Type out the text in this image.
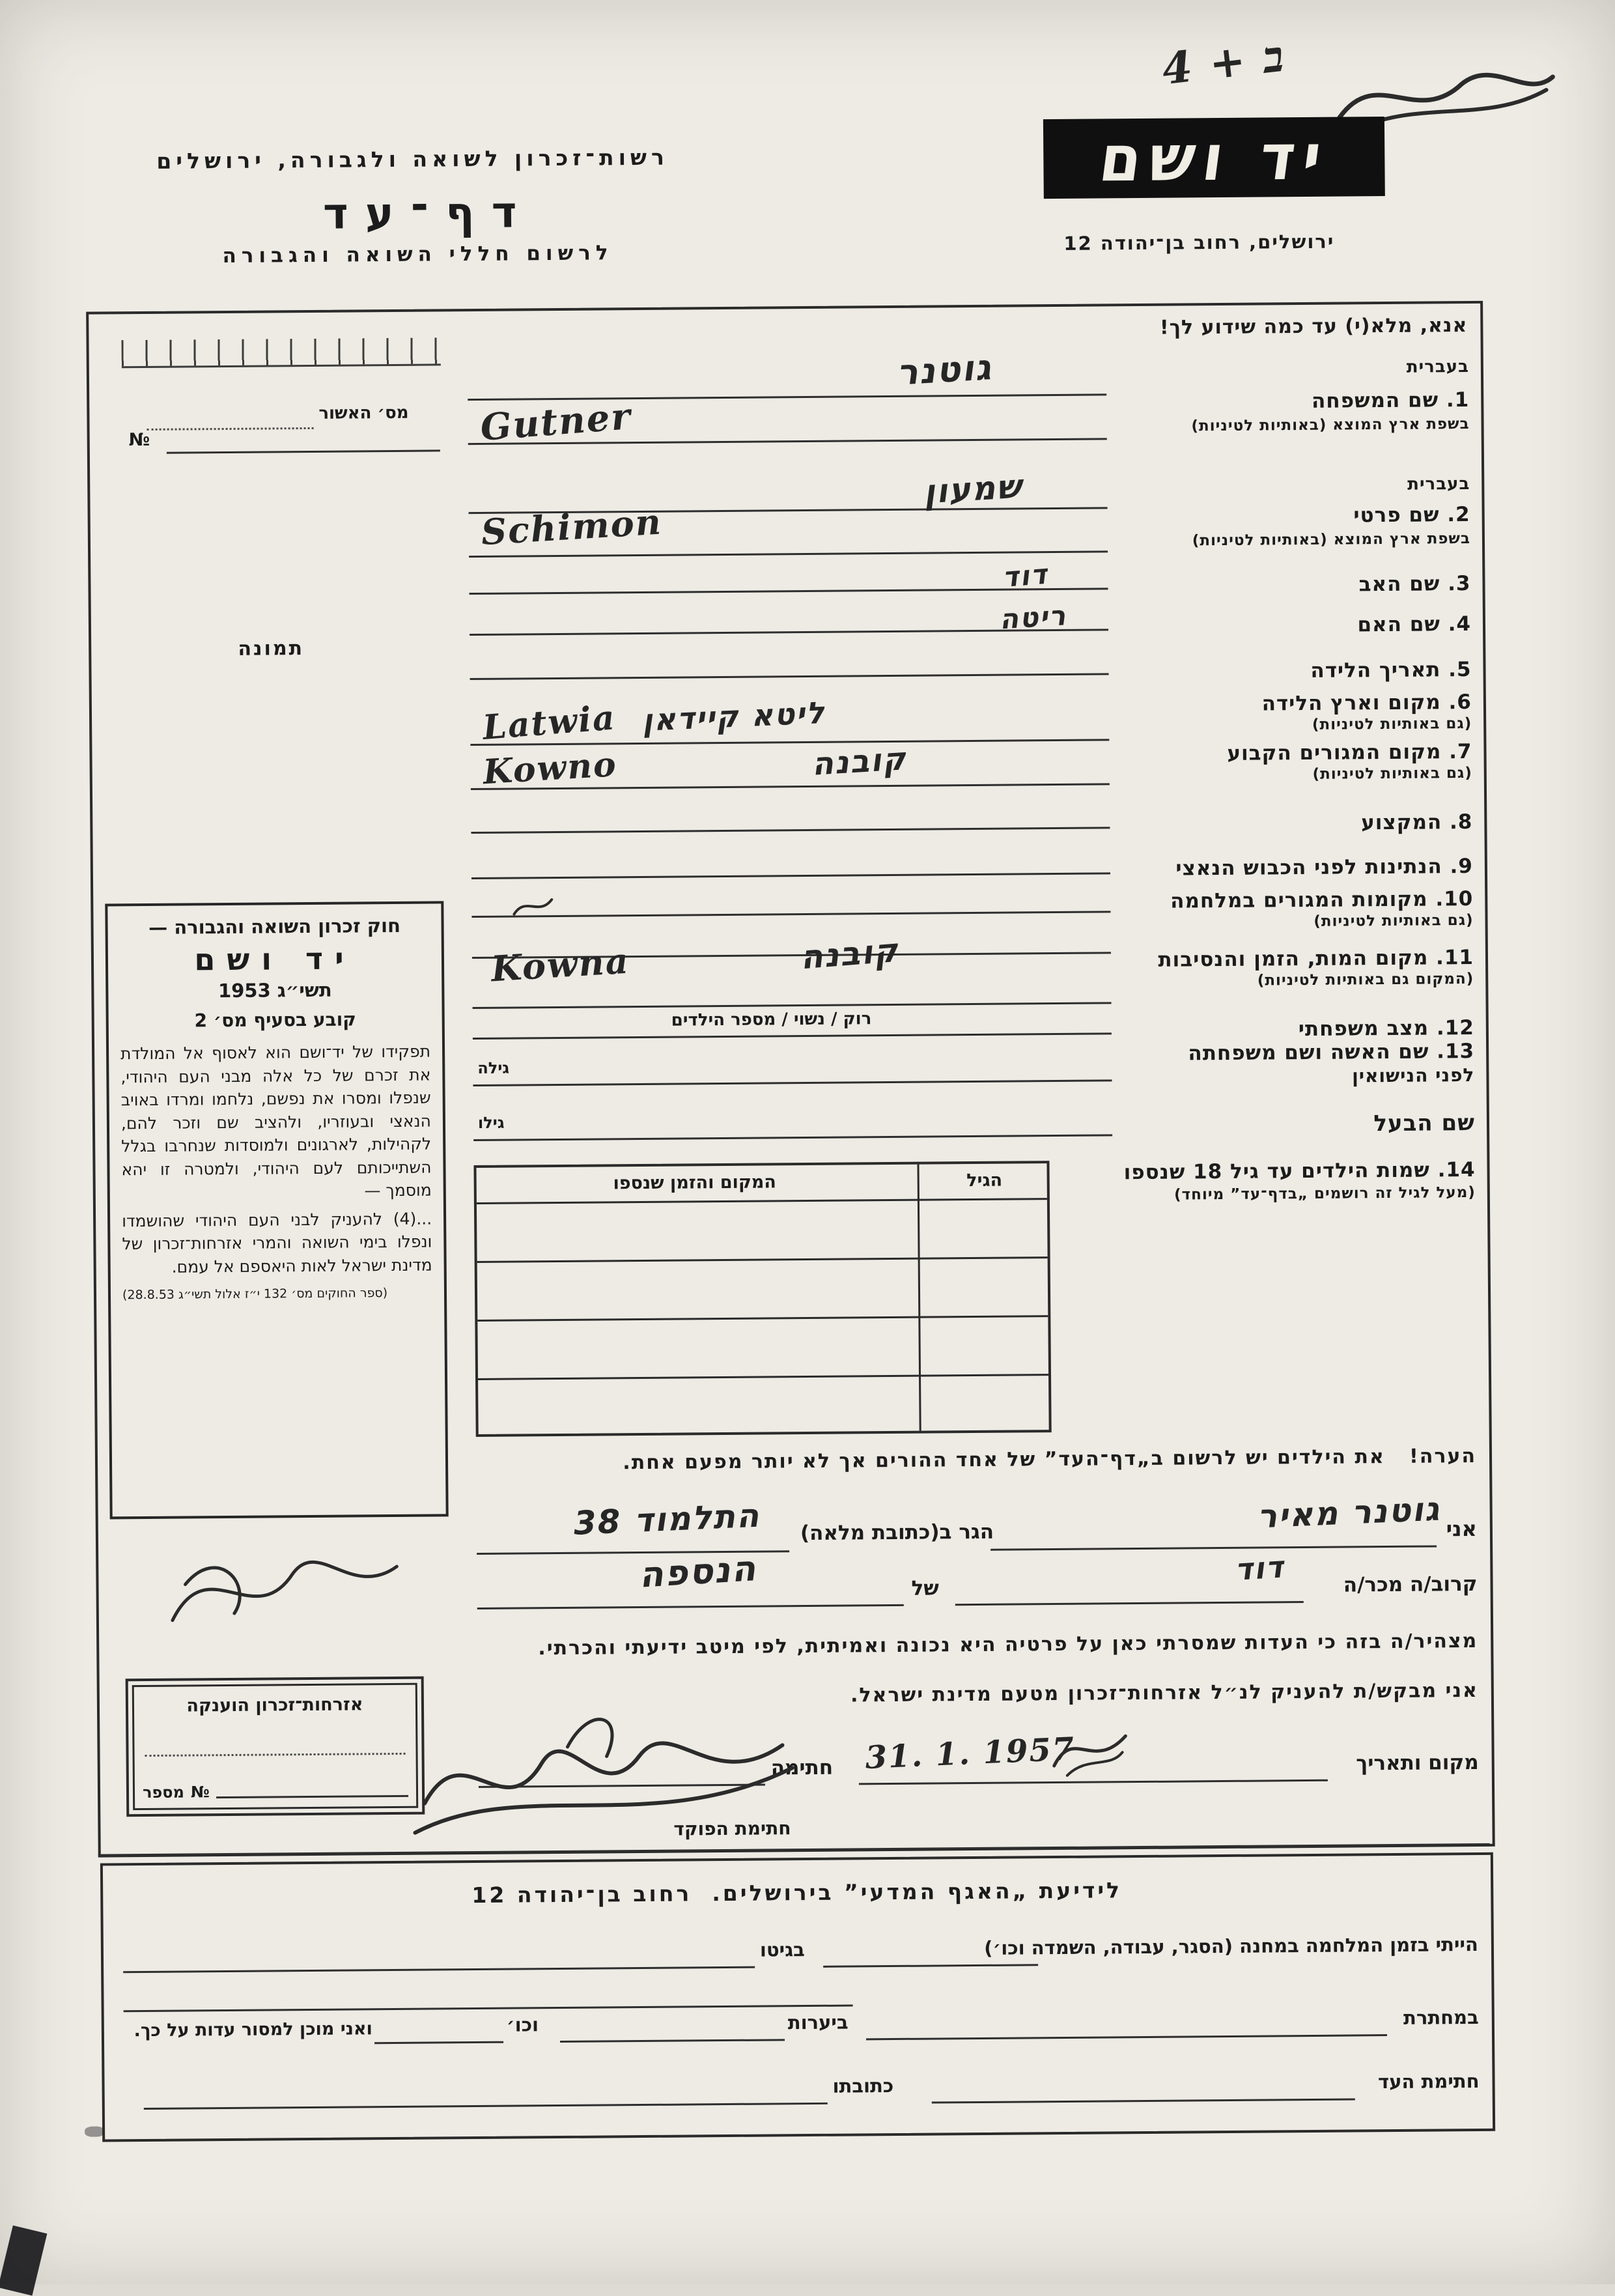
4 + ב
רשות־זכרון לשואה ולגבורה, ירושלים
דף־עד
לרשום חללי השואה והגבורה
יד ושם
ירושלים, רחוב בן־יהודה 12
אנא, מלא(י) עד כמה שידוע לך!
מס׳ האשור
№
תמונה
חוק זכרון השואה והגבורה —
יד ושם
תשי״ג 1953
קובע בסעיף מס׳ 2
תפקידו של יד־ושם הוא לאסוף אל המולדת את זכרם של כל אלה מבני העם היהודי, שנפלו ומסרו את נפשם, נלחמו ומרדו באויב הנאצי ובעוזריו, ולהציב שם וזכר להם, לקהילות, לארגונים ולמוסדות שנחרבו בגלל השתייכותם לעם היהודי, ולמטרה זו יהא מוסמך —
...(4) להעניק לבני העם היהודי שהושמדו ונפלו בימי השואה והמרי אזרחות־זכרון של מדינת ישראל לאות היאספם אל עמם.
(ספר החוקים מס׳ 132 י״ז אלול תשי״ג 28.8.53)
בעברית
1. שם המשפחה
בשפת ארץ המוצא (באותיות לטיניות)
גוטנר
Gutner
בעברית
2. שם פרטי
בשפת ארץ המוצא (באותיות לטיניות)
שמעון
Schimon
3. שם האב
דוד
4. שם האם
ריטה
5. תאריך הלידה
6. מקום וארץ הלידה
(גם באותיות לטיניות)
Latwia ליטא קיידאן
7. מקום המגורים הקבוע
(גם באותיות לטיניות)
Kowno	קובנה
8. המקצוע
9. הנתינות לפני הכבוש הנאצי
10. מקומות המגורים במלחמה
(גם באותיות לטיניות)
11. מקום המות, הזמן והנסיבות
(המקום גם באותיות לטיניות)
Kowna	קובנה
12. מצב משפחתי
רוק / נשוי / מספר הילדים
13. שם האשה ושם משפחתה
לפני הנישואין
גילה
שם הבעל
גילו
14. שמות הילדים עד גיל 18 שנספו
(מעל לגיל זה רושמים „בדף־עד” מיוחד)
הגיל
המקום והזמן שנספו
הערה!   את הילדים יש לרשום ב„דף־העד” של אחד ההורים אך לא יותר מפעם אחת.
אני
גוטנר מאיר
הגר ב(כתובת מלאה)
התלמוד 38
קרוב/ה מכר/ה
דוד
של
הנספה
מצהיר/ה בזה כי העדות שמסרתי כאן על פרטיה היא נכונה ואמיתית, לפי מיטב ידיעתי והכרתי.
אני מבקש/ת להעניק לנ״ל אזרחות־זכרון מטעם מדינת ישראל.
מקום ותאריך
31. 1. 1957
חתימה
חתימת הפוקד
אזרחות־זכרון הוענקה
מספר №
לידיעת „האגף המדעי” בירושלים.  רחוב בן־יהודה 12
הייתי בזמן המלחמה במחנה (הסגר, עבודה, השמדה וכו׳)
בגיטו
במחתרת
ביערות
וכו׳
ואני מוכן למסור עדות על כך.
חתימת העד
כתובתו
